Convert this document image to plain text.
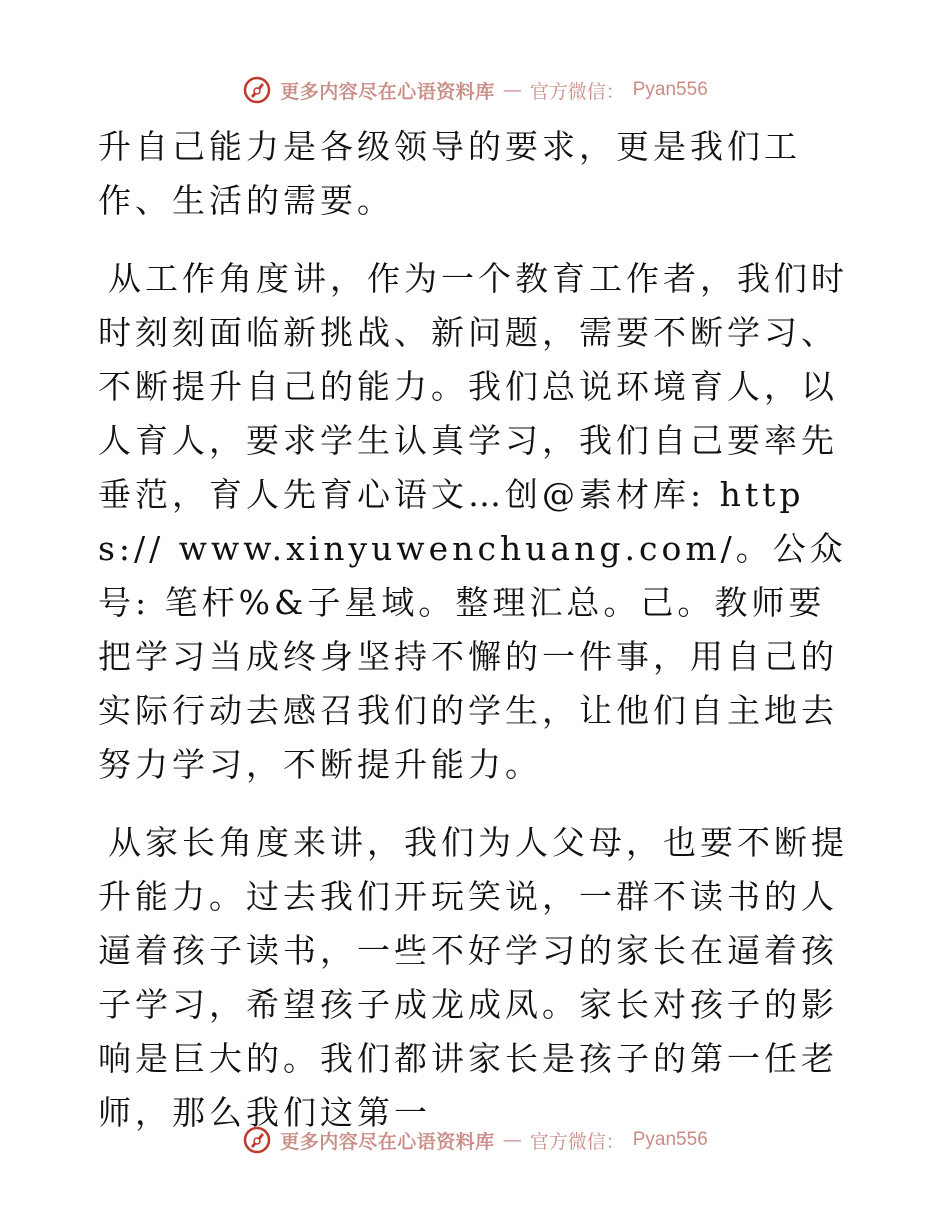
更多内容尽在心语资料库 — 官方微信： Pyan556

升自己能力是各级领导的要求，更是我们工作、生活的需要。

从工作角度讲，作为一个教育工作者，我们时时刻刻面临新挑战、新问题，需要不断学习、不断提升自己的能力。我们总说环境育人，以人育人，要求学生认真学习，我们自己要率先垂范，育人先育心语文…创@素材库: https:// www.xinyuwenchuang.com/。公众号: 笔杆%&子星域。整理汇总。己。教师要把学习当成终身坚持不懈的一件事，用自己的实际行动去感召我们的学生，让他们自主地去努力学习，不断提升能力。

从家长角度来讲，我们为人父母，也要不断提升能力。过去我们开玩笑说，一群不读书的人逼着孩子读书，一些不好学习的家长在逼着孩子学习，希望孩子成龙成凤。家长对孩子的影响是巨大的。我们都讲家长是孩子的第一任老师，那么我们这第一

更多内容尽在心语资料库 — 官方微信： Pyan556
